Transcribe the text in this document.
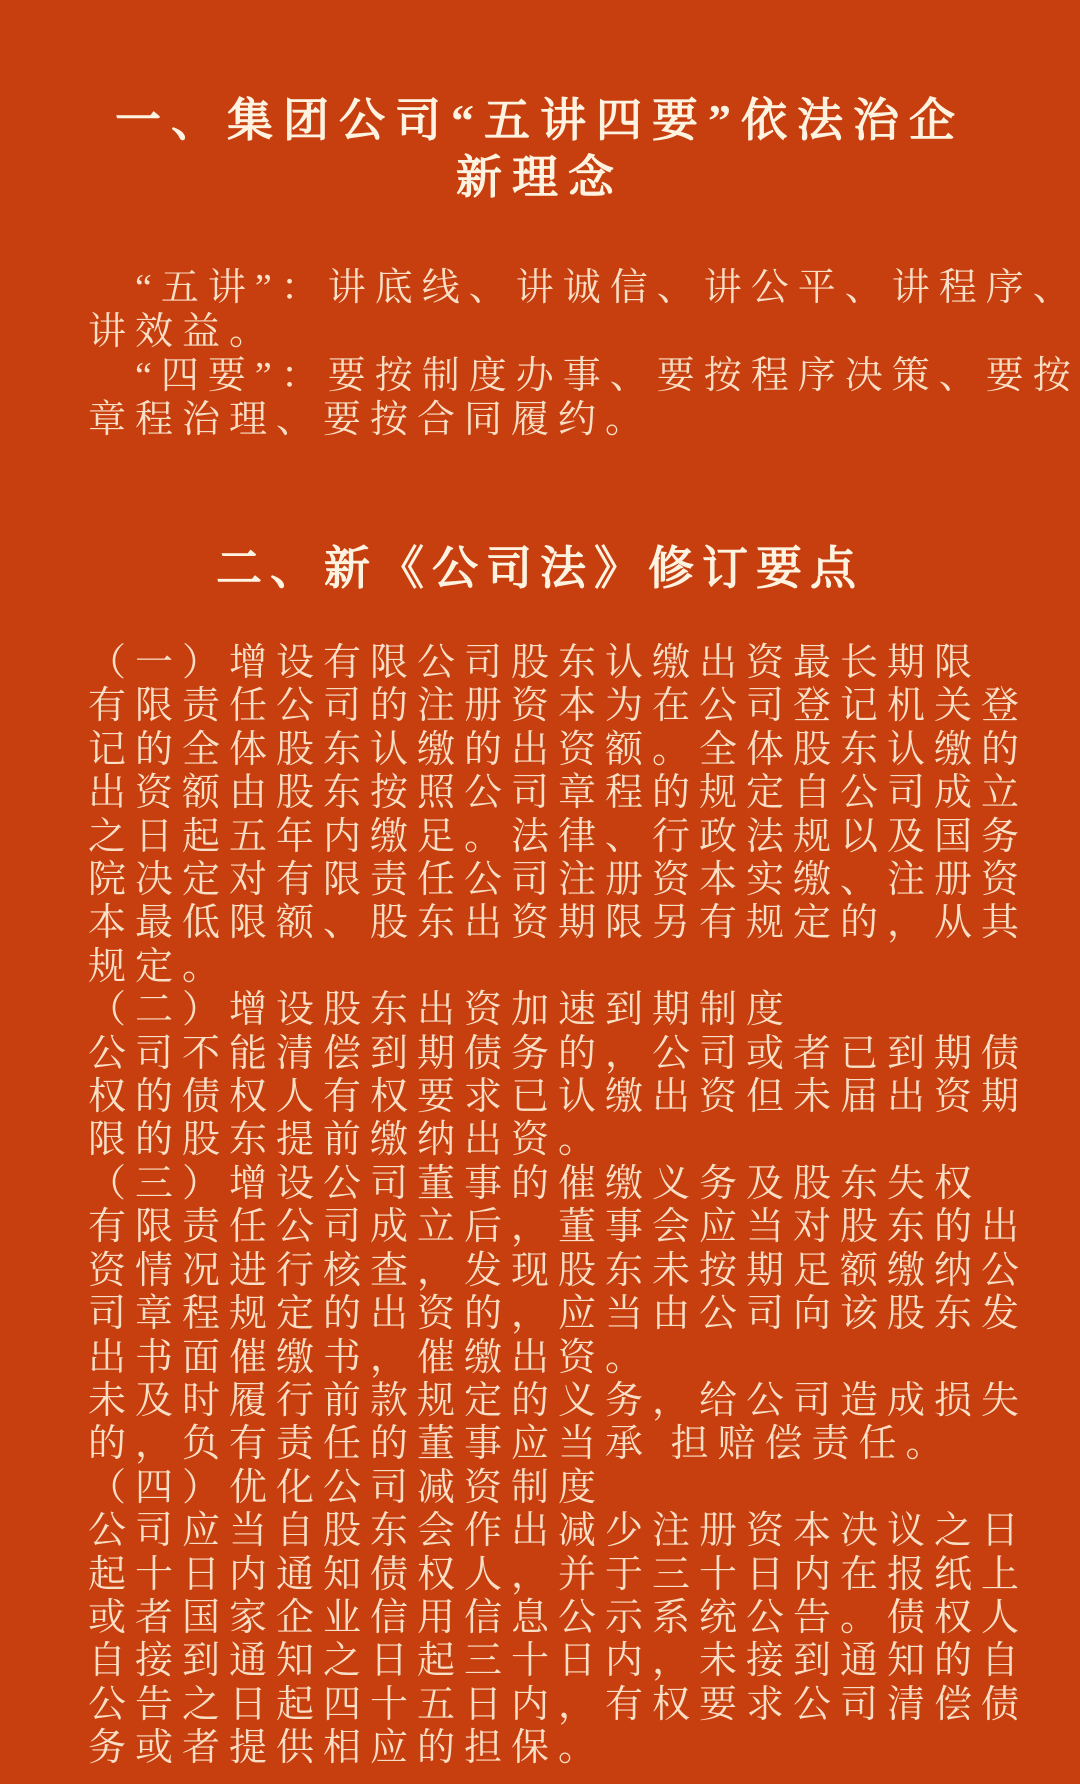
一、集团公司“五讲四要”依法治企
新理念
　“五讲”：讲底线、讲诚信、讲公平、讲程序、
讲效益。
　“四要”：要按制度办事、要按程序决策、要按
章程治理、要按合同履约。
二、新《公司法》修订要点
（一）增设有限公司股东认缴出资最长期限
有限责任公司的注册资本为在公司登记机关登
记的全体股东认缴的出资额。全体股东认缴的
出资额由股东按照公司章程的规定自公司成立
之日起五年内缴足。法律、行政法规以及国务
院决定对有限责任公司注册资本实缴、注册资
本最低限额、股东出资期限另有规定的，从其
规定。
（二）增设股东出资加速到期制度
公司不能清偿到期债务的，公司或者已到期债
权的债权人有权要求已认缴出资但未届出资期
限的股东提前缴纳出资。
（三）增设公司董事的催缴义务及股东失权
有限责任公司成立后，董事会应当对股东的出
资情况进行核查，发现股东未按期足额缴纳公
司章程规定的出资的，应当由公司向该股东发
出书面催缴书，催缴出资。
未及时履行前款规定的义务，给公司造成损失
的，负有责任的董事应当承 担赔偿责任。
（四）优化公司减资制度
公司应当自股东会作出减少注册资本决议之日
起十日内通知债权人，并于三十日内在报纸上
或者国家企业信用信息公示系统公告。债权人
自接到通知之日起三十日内，未接到通知的自
公告之日起四十五日内，有权要求公司清偿债
务或者提供相应的担保。
